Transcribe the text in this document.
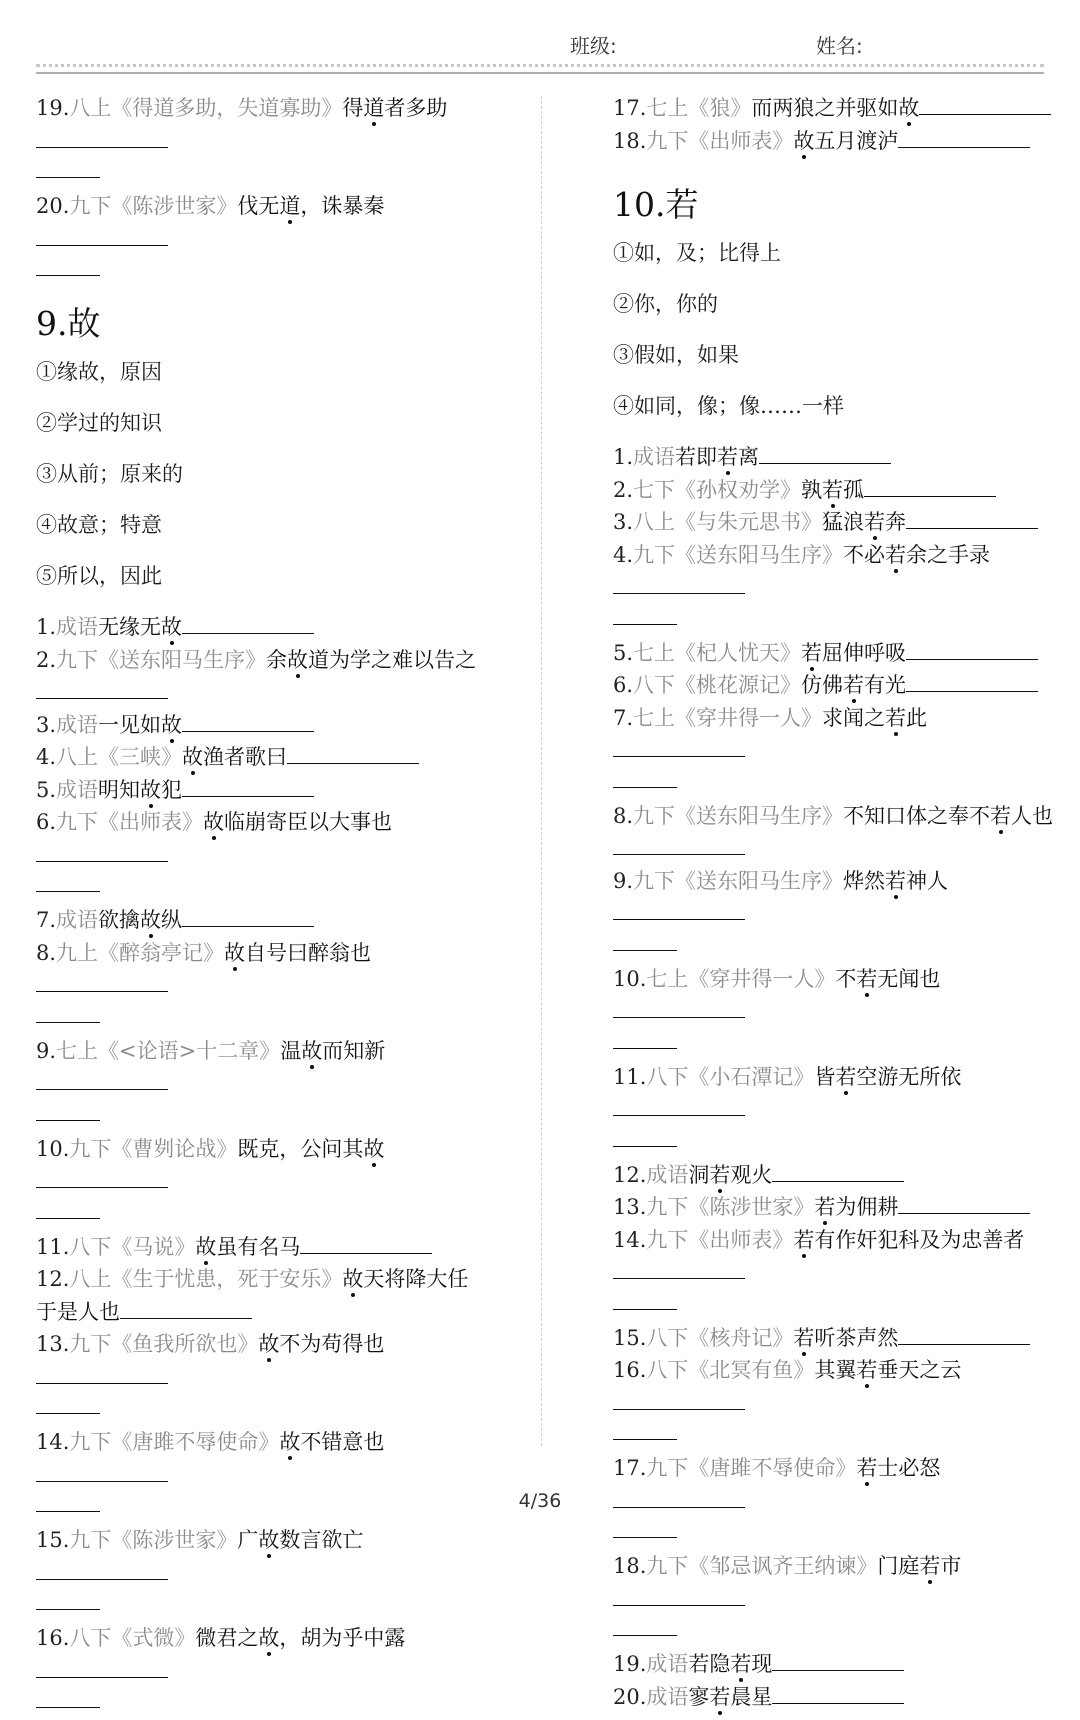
班级:	姓名:
19.八上《得道多助，失道寡助》得道者多助
20.九下《陈涉世家》伐无道，诛暴秦
9.故
①缘故，原因
②学过的知识
③从前；原来的
④故意；特意
⑤所以，因此
1.成语无缘无故
2.九下《送东阳马生序》余故道为学之难以告之
3.成语一见如故
4.八上《三峡》故渔者歌曰
5.成语明知故犯
6.九下《出师表》故临崩寄臣以大事也
7.成语欲擒故纵
8.九上《醉翁亭记》故自号曰醉翁也
9.七上《<论语>十二章》温故而知新
10.九下《曹刿论战》既克，公问其故
11.八下《马说》故虽有名马
12.八上《生于忧患，死于安乐》故天将降大任于是人也
13.九下《鱼我所欲也》故不为苟得也
14.九下《唐雎不辱使命》故不错意也
15.九下《陈涉世家》广故数言欲亡
16.八下《式微》微君之故，胡为乎中露
17.七上《狼》而两狼之并驱如故
18.九下《出师表》故五月渡泸
10.若
①如，及；比得上
②你，你的
③假如，如果
④如同，像；像……一样
1.成语若即若离
2.七下《孙权劝学》孰若孤
3.八上《与朱元思书》猛浪若奔
4.九下《送东阳马生序》不必若余之手录
5.七上《杞人忧天》若屈伸呼吸
6.八下《桃花源记》仿佛若有光
7.七上《穿井得一人》求闻之若此
8.九下《送东阳马生序》不知口体之奉不若人也
9.九下《送东阳马生序》烨然若神人
10.七上《穿井得一人》不若无闻也
11.八下《小石潭记》皆若空游无所依
12.成语洞若观火
13.九下《陈涉世家》若为佣耕
14.九下《出师表》若有作奸犯科及为忠善者
15.八下《核舟记》若听茶声然
16.八下《北冥有鱼》其翼若垂天之云
17.九下《唐雎不辱使命》若士必怒
18.九下《邹忌讽齐王纳谏》门庭若市
19.成语若隐若现
20.成语寥若晨星
4/36
